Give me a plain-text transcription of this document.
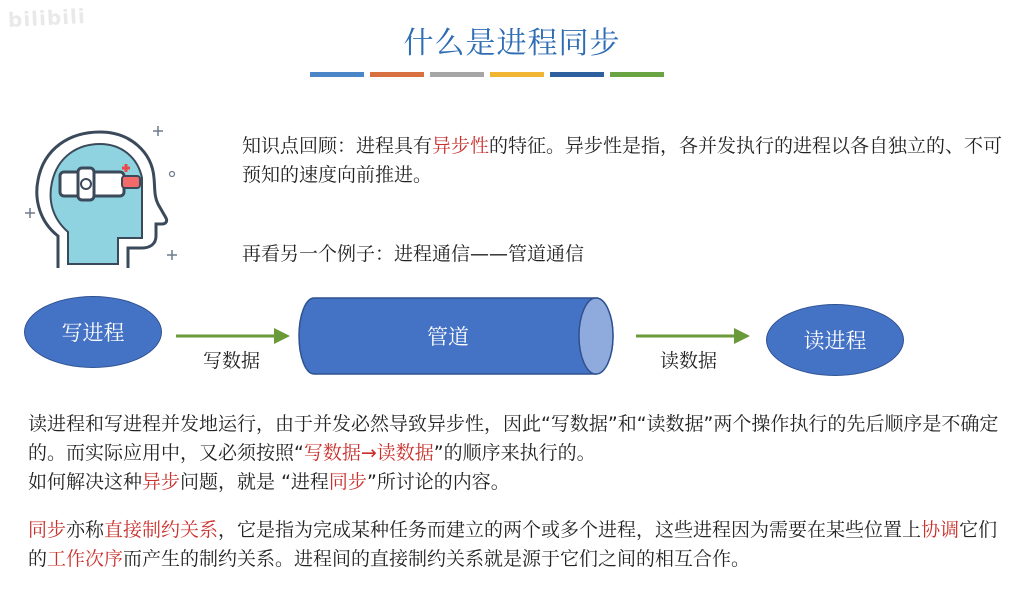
bilibili
什么是进程同步
知识点回顾：进程具有异步性的特征。异步性是指，各并发执行的进程以各自独立的、不可预知的速度向前推进。
再看另一个例子：进程通信——管道通信
写进程
写数据
管道
读数据
读进程
读进程和写进程并发地运行，由于并发必然导致异步性，因此“写数据”和“读数据”两个操作执行的先后顺序是不确定的。而实际应用中，又必须按照“写数据→读数据”的顺序来执行的。
如何解决这种异步问题，就是 “进程同步”所讨论的内容。
同步亦称直接制约关系，它是指为完成某种任务而建立的两个或多个进程，这些进程因为需要在某些位置上协调它们的工作次序而产生的制约关系。进程间的直接制约关系就是源于它们之间的相互合作。
